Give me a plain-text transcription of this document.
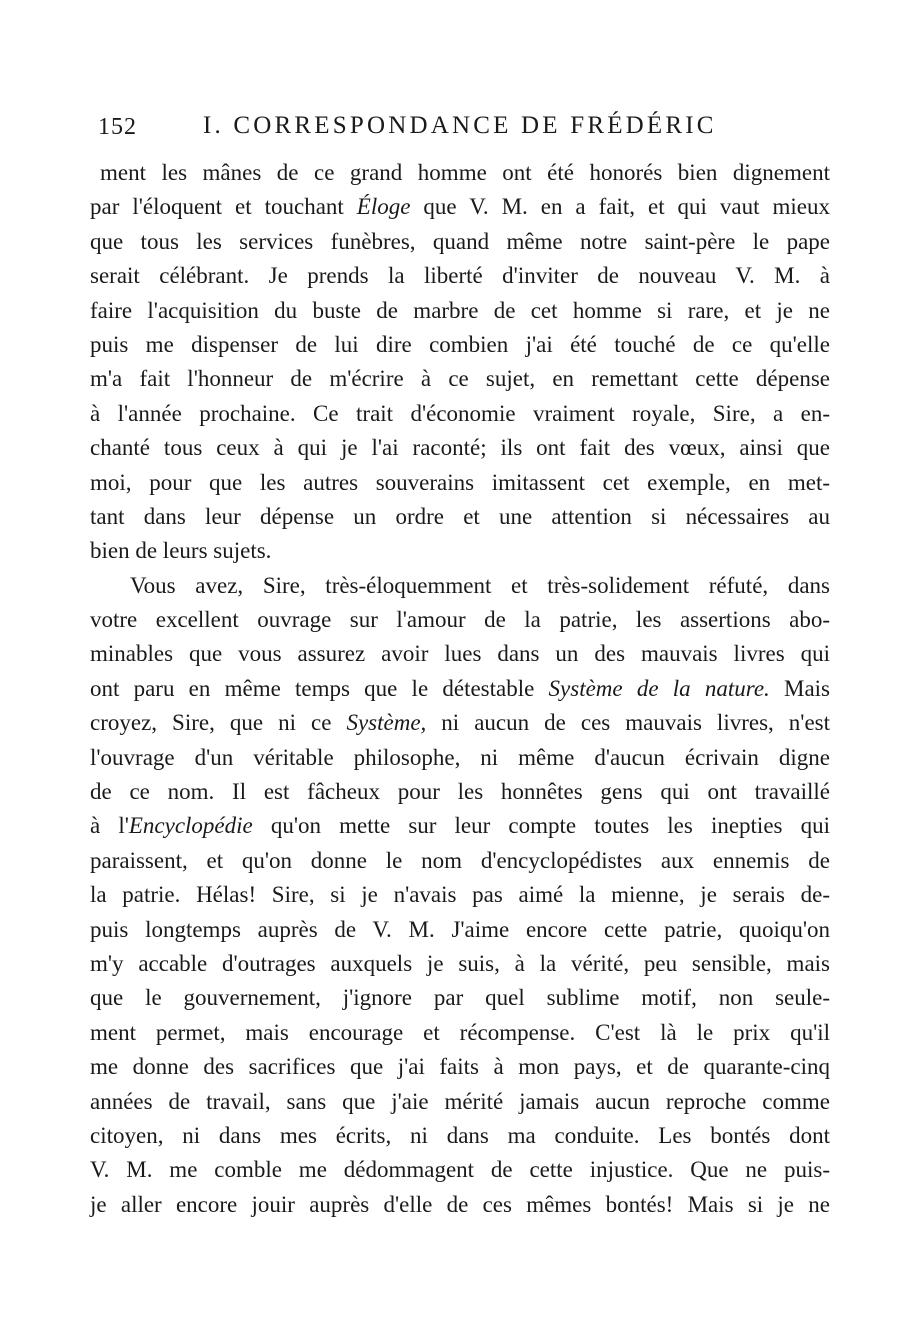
152	I. CORRESPONDANCE DE FRÉDÉRIC
ment les mânes de ce grand homme ont été honorés bien dignement
par l'éloquent et touchant Éloge que V. M. en a fait, et qui vaut mieux
que tous les services funèbres, quand même notre saint-père le pape
serait célébrant. Je prends la liberté d'inviter de nouveau V. M. à
faire l'acquisition du buste de marbre de cet homme si rare, et je ne
puis me dispenser de lui dire combien j'ai été touché de ce qu'elle
m'a fait l'honneur de m'écrire à ce sujet, en remettant cette dépense
à l'année prochaine. Ce trait d'économie vraiment royale, Sire, a en-
chanté tous ceux à qui je l'ai raconté; ils ont fait des vœux, ainsi que
moi, pour que les autres souverains imitassent cet exemple, en met-
tant dans leur dépense un ordre et une attention si nécessaires au
bien de leurs sujets.
Vous avez, Sire, très-éloquemment et très-solidement réfuté, dans
votre excellent ouvrage sur l'amour de la patrie, les assertions abo-
minables que vous assurez avoir lues dans un des mauvais livres qui
ont paru en même temps que le détestable Système de la nature. Mais
croyez, Sire, que ni ce Système, ni aucun de ces mauvais livres, n'est
l'ouvrage d'un véritable philosophe, ni même d'aucun écrivain digne
de ce nom. Il est fâcheux pour les honnêtes gens qui ont travaillé
à l'Encyclopédie qu'on mette sur leur compte toutes les inepties qui
paraissent, et qu'on donne le nom d'encyclopédistes aux ennemis de
la patrie. Hélas! Sire, si je n'avais pas aimé la mienne, je serais de-
puis longtemps auprès de V. M. J'aime encore cette patrie, quoiqu'on
m'y accable d'outrages auxquels je suis, à la vérité, peu sensible, mais
que le gouvernement, j'ignore par quel sublime motif, non seule-
ment permet, mais encourage et récompense. C'est là le prix qu'il
me donne des sacrifices que j'ai faits à mon pays, et de quarante-cinq
années de travail, sans que j'aie mérité jamais aucun reproche comme
citoyen, ni dans mes écrits, ni dans ma conduite. Les bontés dont
V. M. me comble me dédommagent de cette injustice. Que ne puis-
je aller encore jouir auprès d'elle de ces mêmes bontés! Mais si je ne
